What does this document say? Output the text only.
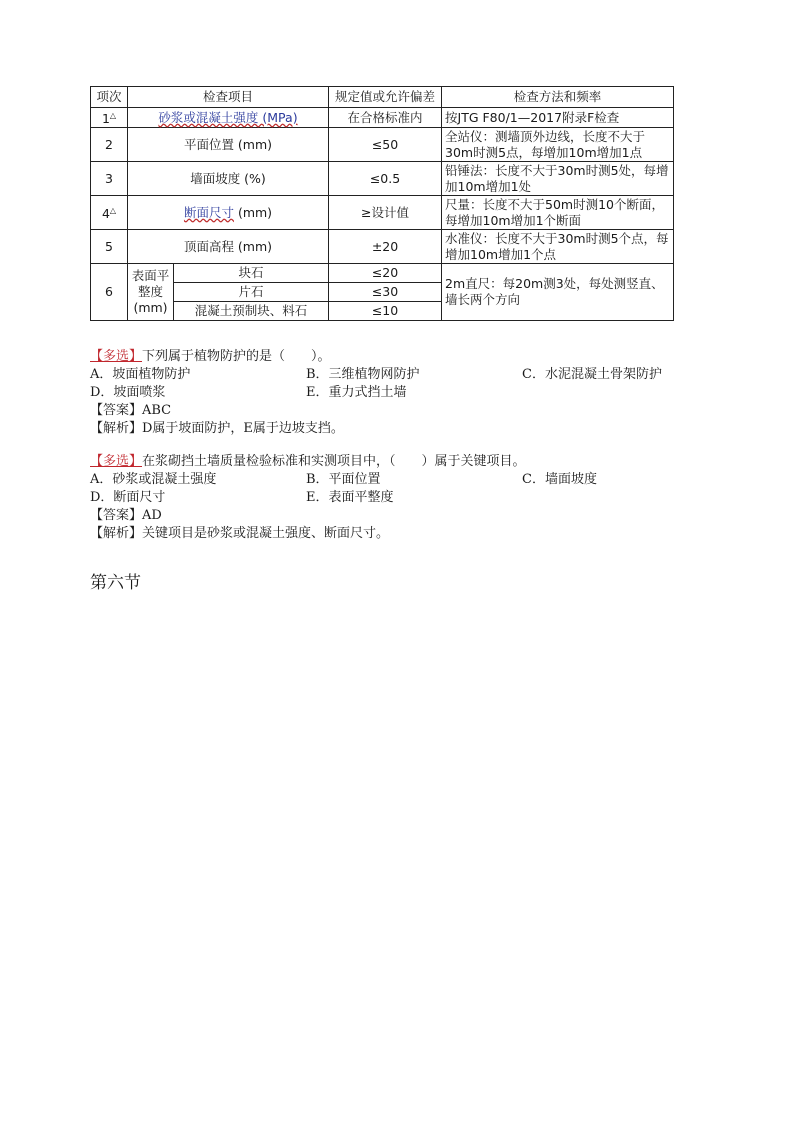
项次	检查项目		规定值或允许偏差	检查方法和频率
1△	砂浆或混凝土强度 (MPa)		在合格标准内	按JTG F80/1—2017附录F检查
2	平面位置 (mm)		≤50	全站仪：测墙顶外边线，长度不大于30m时测5点，每增加10m增加1点
3	墙面坡度 (%)		≤0.5	铅锤法：长度不大于30m时测5处，每增加10m增加1处
4△	断面尺寸 (mm)		≥设计值	尺量：长度不大于50m时测10个断面，每增加10m增加1个断面
5	顶面高程 (mm)		±20	水准仪：长度不大于30m时测5个点，每增加10m增加1个点
6	表面平整度(mm)	块石	≤20	2m直尺：每20m测3处，每处测竖直、墙长两个方向
		片石	≤30	
		混凝土预制块、料石	≤10	
【多选】下列属于植物防护的是（　　）。
A．坡面植物防护	B．三维植物网防护	C．水泥混凝土骨架防护
D．坡面喷浆	E．重力式挡土墙
【答案】ABC
【解析】D属于坡面防护，E属于边坡支挡。
【多选】在浆砌挡土墙质量检验标准和实测项目中，（　　）属于关键项目。
A．砂浆或混凝土强度	B．平面位置	C．墙面坡度
D．断面尺寸	E．表面平整度
【答案】AD
【解析】关键项目是砂浆或混凝土强度、断面尺寸。
第六节
